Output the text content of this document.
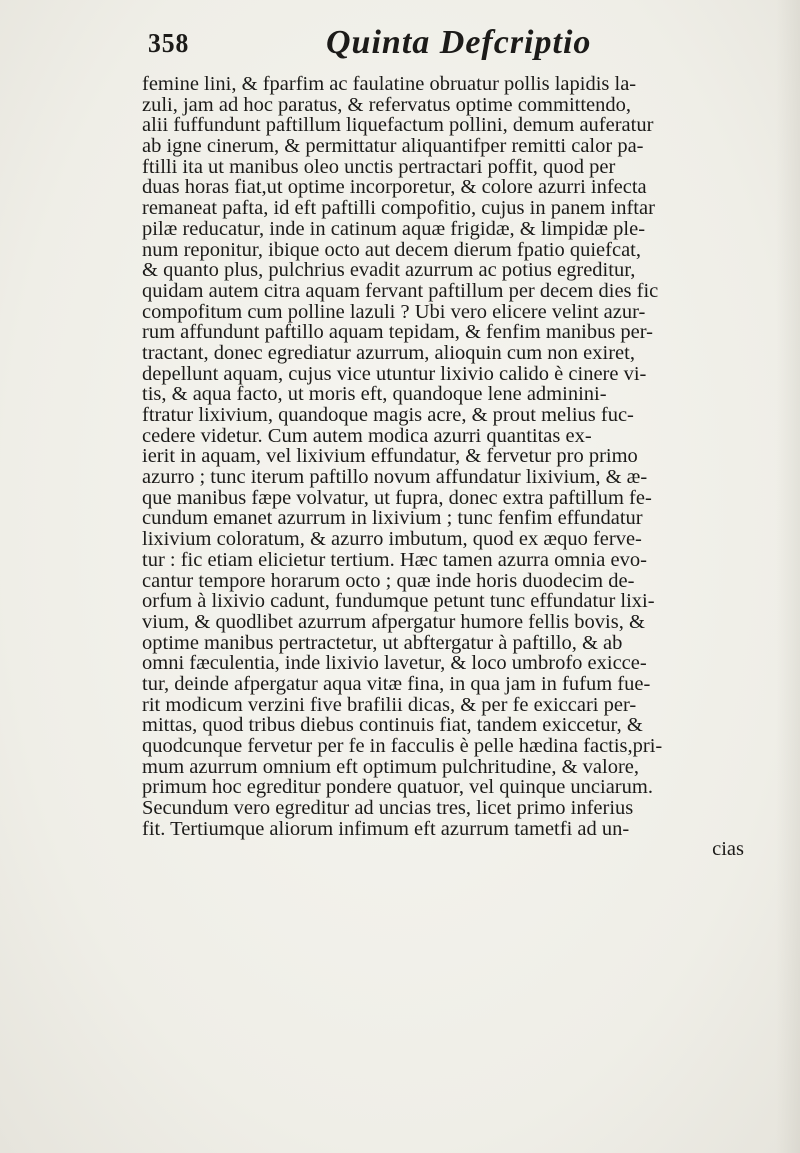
358	Quinta Defcriptio
femine lini, & fparfim ac faulatine obruatur pollis lapidis la-
zuli, jam ad hoc paratus, & refervatus optime committendo,
alii fuffundunt paftillum liquefactum pollini, demum auferatur
ab igne cinerum, & permittatur aliquantifper remitti calor pa-
ftilli ita ut manibus oleo unctis pertractari poffit, quod per
duas horas fiat,ut optime incorporetur, & colore azurri infecta
remaneat pafta, id eft paftilli compofitio, cujus in panem inftar
pilæ reducatur, inde in catinum aquæ frigidæ, & limpidæ ple-
num reponitur, ibique octo aut decem dierum fpatio quiefcat,
& quanto plus, pulchrius evadit azurrum ac potius egreditur,
quidam autem citra aquam fervant paftillum per decem dies fic
compofitum cum polline lazuli ? Ubi vero elicere velint azur-
rum affundunt paftillo aquam tepidam, & fenfim manibus per-
tractant, donec egrediatur azurrum, alioquin cum non exiret,
depellunt aquam, cujus vice utuntur lixivio calido è cinere vi-
tis, & aqua facto, ut moris eft, quandoque lene adminini-
ftratur lixivium, quandoque magis acre, & prout melius fuc-
cedere videtur. Cum autem modica azurri quantitas ex-
ierit in aquam, vel lixivium effundatur, & fervetur pro primo
azurro ; tunc iterum paftillo novum affundatur lixivium, & æ-
que manibus fæpe volvatur, ut fupra, donec extra paftillum fe-
cundum emanet azurrum in lixivium ; tunc fenfim effundatur
lixivium coloratum, & azurro imbutum, quod ex æquo ferve-
tur : fic etiam elicietur tertium. Hæc tamen azurra omnia evo-
cantur tempore horarum octo ; quæ inde horis duodecim de-
orfum à lixivio cadunt, fundumque petunt tunc effundatur lixi-
vium, & quodlibet azurrum afpergatur humore fellis bovis, &
optime manibus pertractetur, ut abftergatur à paftillo, & ab
omni fæculentia, inde lixivio lavetur, & loco umbrofo exicce-
tur, deinde afpergatur aqua vitæ fina, in qua jam in fufum fue-
rit modicum verzini five brafilii dicas, & per fe exiccari per-
mittas, quod tribus diebus continuis fiat, tandem exiccetur, &
quodcunque fervetur per fe in facculis è pelle hædina factis,pri-
mum azurrum omnium eft optimum pulchritudine, & valore,
primum hoc egreditur pondere quatuor, vel quinque unciarum.
Secundum vero egreditur ad uncias tres, licet primo inferius
fit. Tertiumque aliorum infimum eft azurrum tametfi ad un-
cias
